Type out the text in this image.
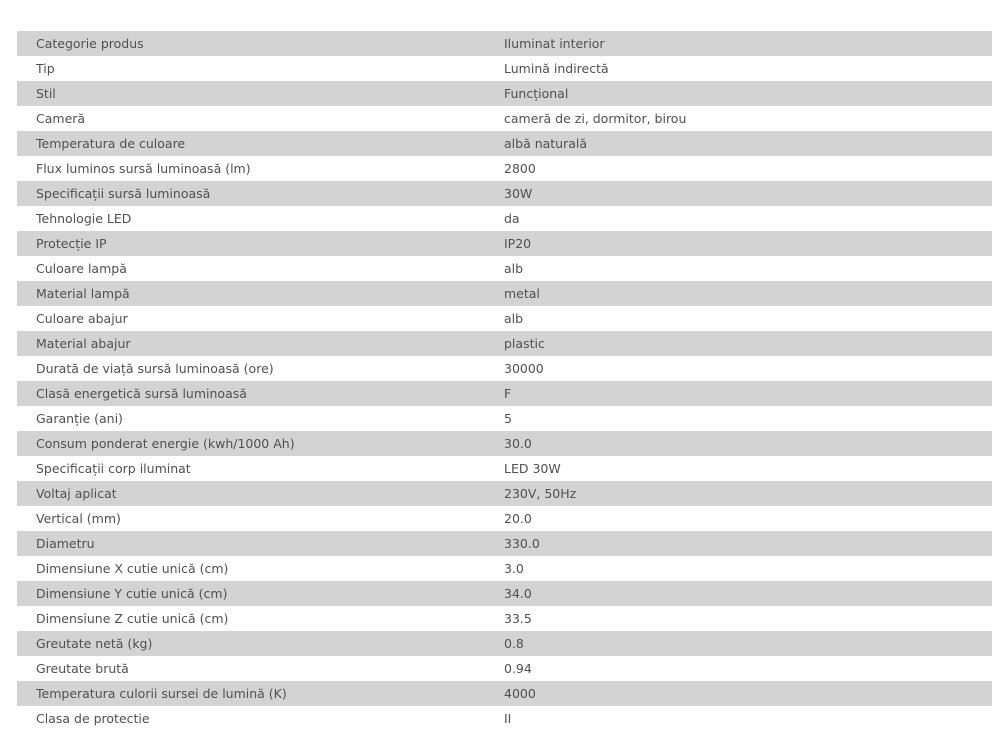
Categorie produs	Iluminat interior
Tip	Lumină indirectă
Stil	Funcțional
Cameră	cameră de zi, dormitor, birou
Temperatura de culoare	albă naturală
Flux luminos sursă luminoasă (lm)	2800
Specificații sursă luminoasă	30W
Tehnologie LED	da
Protecție IP	IP20
Culoare lampă	alb
Material lampă	metal
Culoare abajur	alb
Material abajur	plastic
Durată de viață sursă luminoasă (ore)	30000
Clasă energetică sursă luminoasă	F
Garanție (ani)	5
Consum ponderat energie (kwh/1000 Ah)	30.0
Specificații corp iluminat	LED 30W
Voltaj aplicat	230V, 50Hz
Vertical (mm)	20.0
Diametru	330.0
Dimensiune X cutie unică (cm)	3.0
Dimensiune Y cutie unică (cm)	34.0
Dimensiune Z cutie unică (cm)	33.5
Greutate netă (kg)	0.8
Greutate brută	0.94
Temperatura culorii sursei de lumină (K)	4000
Clasa de protectie	II
